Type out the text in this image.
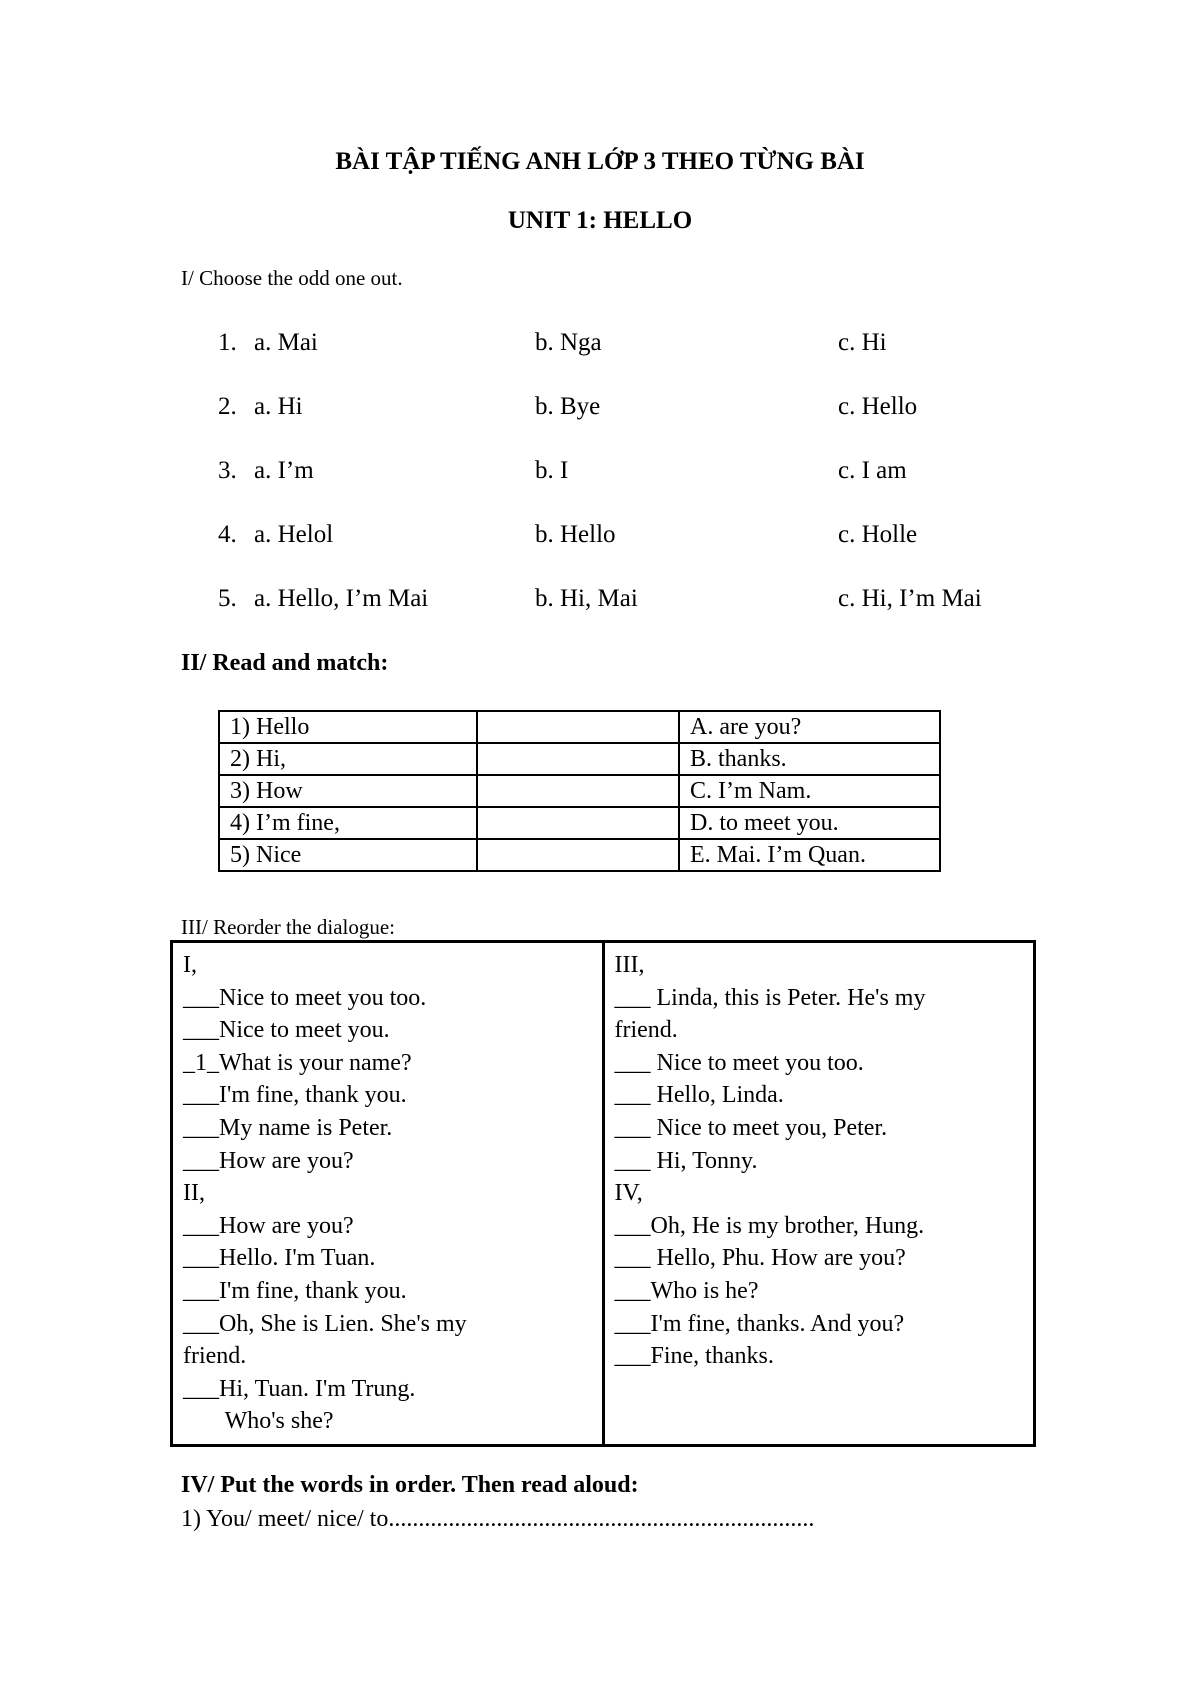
BÀI TẬP TIẾNG ANH LỚP 3 THEO TỪNG BÀI
UNIT 1: HELLO
I/ Choose the odd one out.
1. a. Mai	b. Nga	c. Hi
2. a. Hi	b. Bye	c. Hello
3. a. I’m	b. I	c. I am
4. a. Helol	b. Hello	c. Holle
5. a. Hello, I’m Mai	b. Hi, Mai	c. Hi, I’m Mai
II/ Read and match:
1) Hello		A. are you?
2) Hi,		B. thanks.
3) How		C. I’m Nam.
4) I’m fine,		D. to meet you.
5) Nice		E. Mai. I’m Quan.
III/ Reorder the dialogue:
I,
___Nice to meet you too.
___Nice to meet you.
_1_What is your name?
___I'm fine, thank you.
___My name is Peter.
___How are you?
II,
___How are you?
___Hello. I'm Tuan.
___I'm fine, thank you.
___Oh, She is Lien. She's my
friend.
___Hi, Tuan. I'm Trung.
Who's she?

III,
___ Linda, this is Peter. He's my
friend.
___ Nice to meet you too.
___ Hello, Linda.
___ Nice to meet you, Peter.
___ Hi, Tonny.
IV,
___Oh, He is my brother, Hung.
___ Hello, Phu. How are you?
___Who is he?
___I'm fine, thanks. And you?
___Fine, thanks.
IV/ Put the words in order. Then read aloud:
1) You/ meet/ nice/ to.......................................................................
